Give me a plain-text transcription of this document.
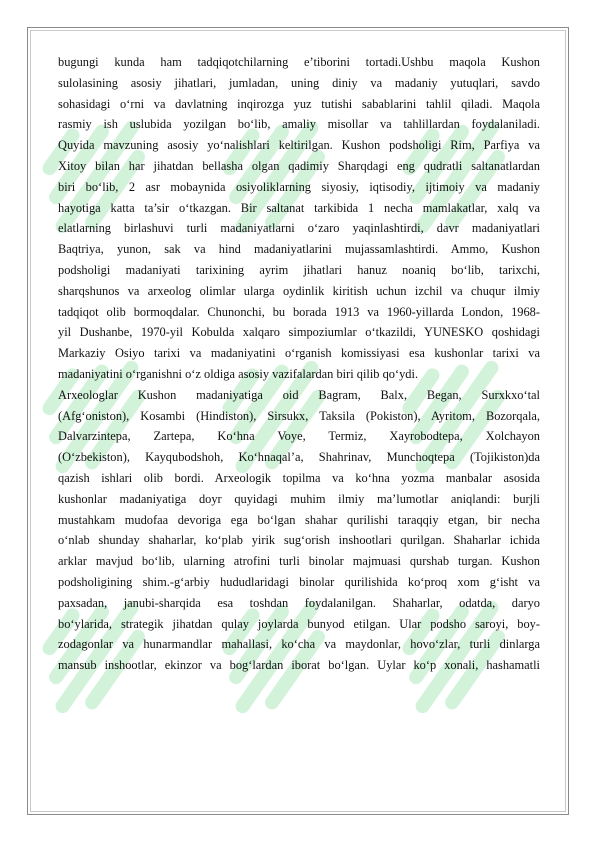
bugungi kunda ham tadqiqotchilarning e’tiborini tortadi.Ushbu maqola Kushon
sulolasining asosiy jihatlari, jumladan, uning diniy va madaniy yutuqlari, savdo
sohasidagi o‘rni va davlatning inqirozga yuz tutishi sabablarini tahlil qiladi. Maqola
rasmiy ish uslubida yozilgan bo‘lib, amaliy misollar va tahlillardan foydalaniladi.
Quyida mavzuning asosiy yo‘nalishlari keltirilgan. Kushon podsholigi Rim, Parfiya va
Xitoy bilan har jihatdan bellasha olgan qadimiy Sharqdagi eng qudratli saltanatlardan
biri bo‘lib, 2 asr mobaynida osiyoliklarning siyosiy, iqtisodiy, ijtimoiy va madaniy
hayotiga katta ta’sir o‘tkazgan. Bir saltanat tarkibida 1 necha mamlakatlar, xalq va
elatlarning birlashuvi turli madaniyatlarni o‘zaro yaqinlashtirdi, davr madaniyatlari
Baqtriya, yunon, sak va hind madaniyatlarini mujassamlashtirdi. Ammo, Kushon
podsholigi madaniyati tarixining ayrim jihatlari hanuz noaniq bo‘lib, tarixchi,
sharqshunos va arxeolog olimlar ularga oydinlik kiritish uchun izchil va chuqur ilmiy
tadqiqot olib bormoqdalar. Chunonchi, bu borada 1913 va 1960-yillarda London, 1968-
yil Dushanbe, 1970-yil Kobulda xalqaro simpoziumlar o‘tkazildi, YUNESKO qoshidagi
Markaziy Osiyo tarixi va madaniyatini o‘rganish komissiyasi esa kushonlar tarixi va
madaniyatini o‘rganishni o‘z oldiga asosiy vazifalardan biri qilib qo‘ydi.

Arxeologlar Kushon madaniyatiga oid Bagram, Balx, Began, Surxkxo‘tal
(Afg‘oniston), Kosambi (Hindiston), Sirsukx, Taksila (Pokiston), Ayritom, Bozorqala,
Dalvarzintepa, Zartepa, Ko‘hna Voye, Termiz, Xayrobodtepa, Xolchayon
(O‘zbekiston), Kayqubodshoh, Ko‘hnaqal’a, Shahrinav, Munchoqtepa (Tojikiston)da
qazish ishlari olib bordi. Arxeologik topilma va ko‘hna yozma manbalar asosida
kushonlar madaniyatiga doyr quyidagi muhim ilmiy ma’lumotlar aniqlandi: burjli
mustahkam mudofaa devoriga ega bo‘lgan shahar qurilishi taraqqiy etgan, bir necha
o‘nlab shunday shaharlar, ko‘plab yirik sug‘orish inshootlari qurilgan. Shaharlar ichida
arklar mavjud bo‘lib, ularning atrofini turli binolar majmuasi qurshab turgan. Kushon
podsholigining shim.-g‘arbiy hududlaridagi binolar qurilishida ko‘proq xom g‘isht va
paxsadan, janubi-sharqida esa toshdan foydalanilgan. Shaharlar, odatda, daryo
bo‘ylarida, strategik jihatdan qulay joylarda bunyod etilgan. Ular podsho saroyi, boy-
zodagonlar va hunarmandlar mahallasi, ko‘cha va maydonlar, hovo‘zlar, turli dinlarga
mansub inshootlar, ekinzor va bog‘lardan iborat bo‘lgan. Uylar ko‘p xonali, hashamatli
